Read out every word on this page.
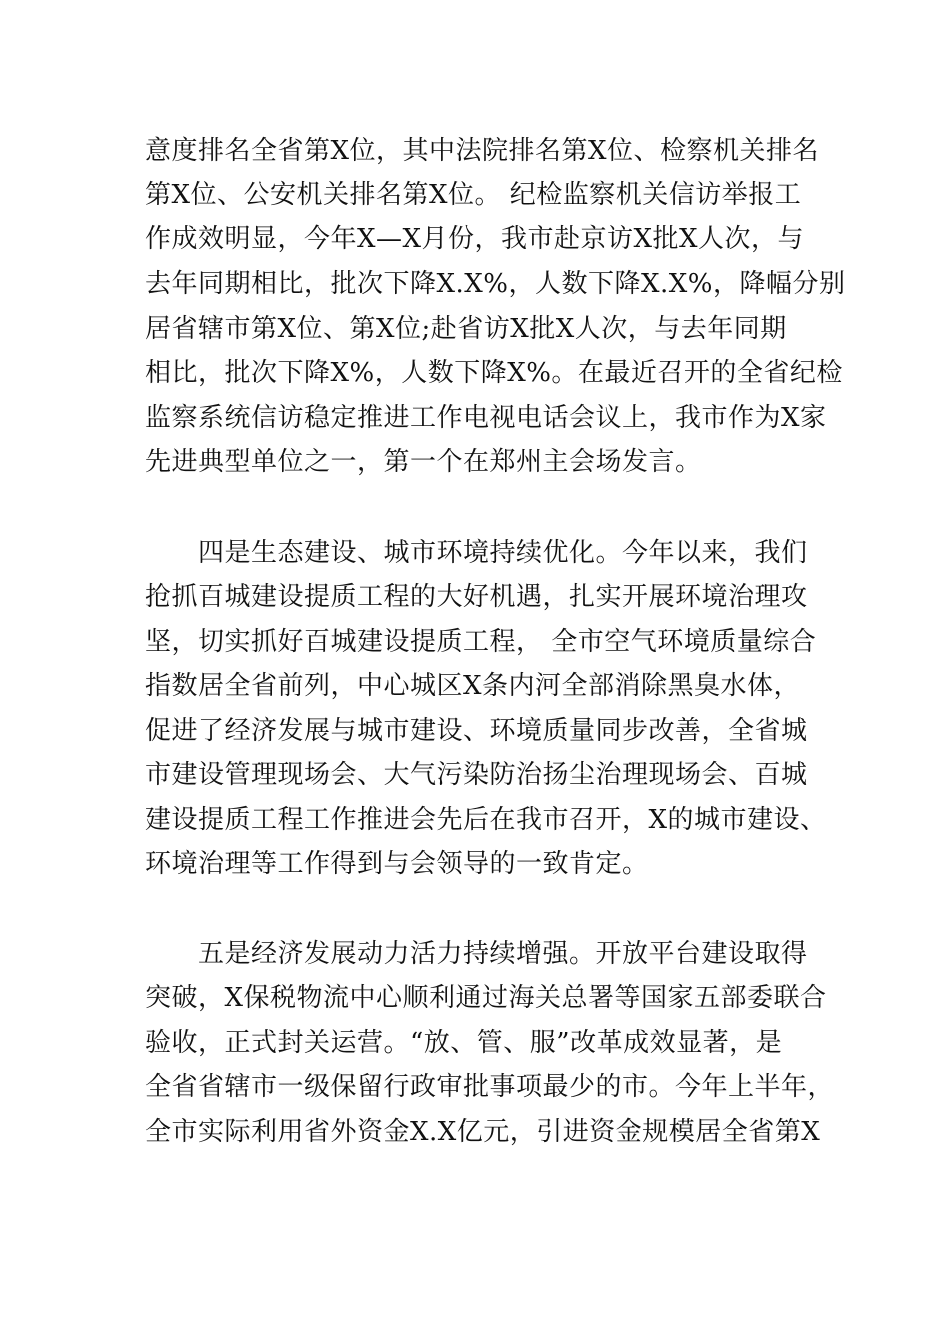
意度排名全省第X位，其中法院排名第X位、检察机关排名
第X位、公安机关排名第X位。 纪检监察机关信访举报工
作成效明显，今年X—X月份，我市赴京访X批X人次，与
去年同期相比，批次下降X.X%，人数下降X.X%，降幅分别
居省辖市第X位、第X位;赴省访X批X人次，与去年同期
相比，批次下降X%，人数下降X%。在最近召开的全省纪检
监察系统信访稳定推进工作电视电话会议上，我市作为X家
先进典型单位之一，第一个在郑州主会场发言。
四是生态建设、城市环境持续优化。今年以来，我们
抢抓百城建设提质工程的大好机遇，扎实开展环境治理攻
坚，切实抓好百城建设提质工程， 全市空气环境质量综合
指数居全省前列，中心城区X条内河全部消除黑臭水体，
促进了经济发展与城市建设、环境质量同步改善，全省城
市建设管理现场会、大气污染防治扬尘治理现场会、百城
建设提质工程工作推进会先后在我市召开，X的城市建设、
环境治理等工作得到与会领导的一致肯定。
五是经济发展动力活力持续增强。开放平台建设取得
突破，X保税物流中心顺利通过海关总署等国家五部委联合
验收，正式封关运营。“放、管、服”改革成效显著，是
全省省辖市一级保留行政审批事项最少的市。今年上半年，
全市实际利用省外资金X.X亿元，引进资金规模居全省第X
